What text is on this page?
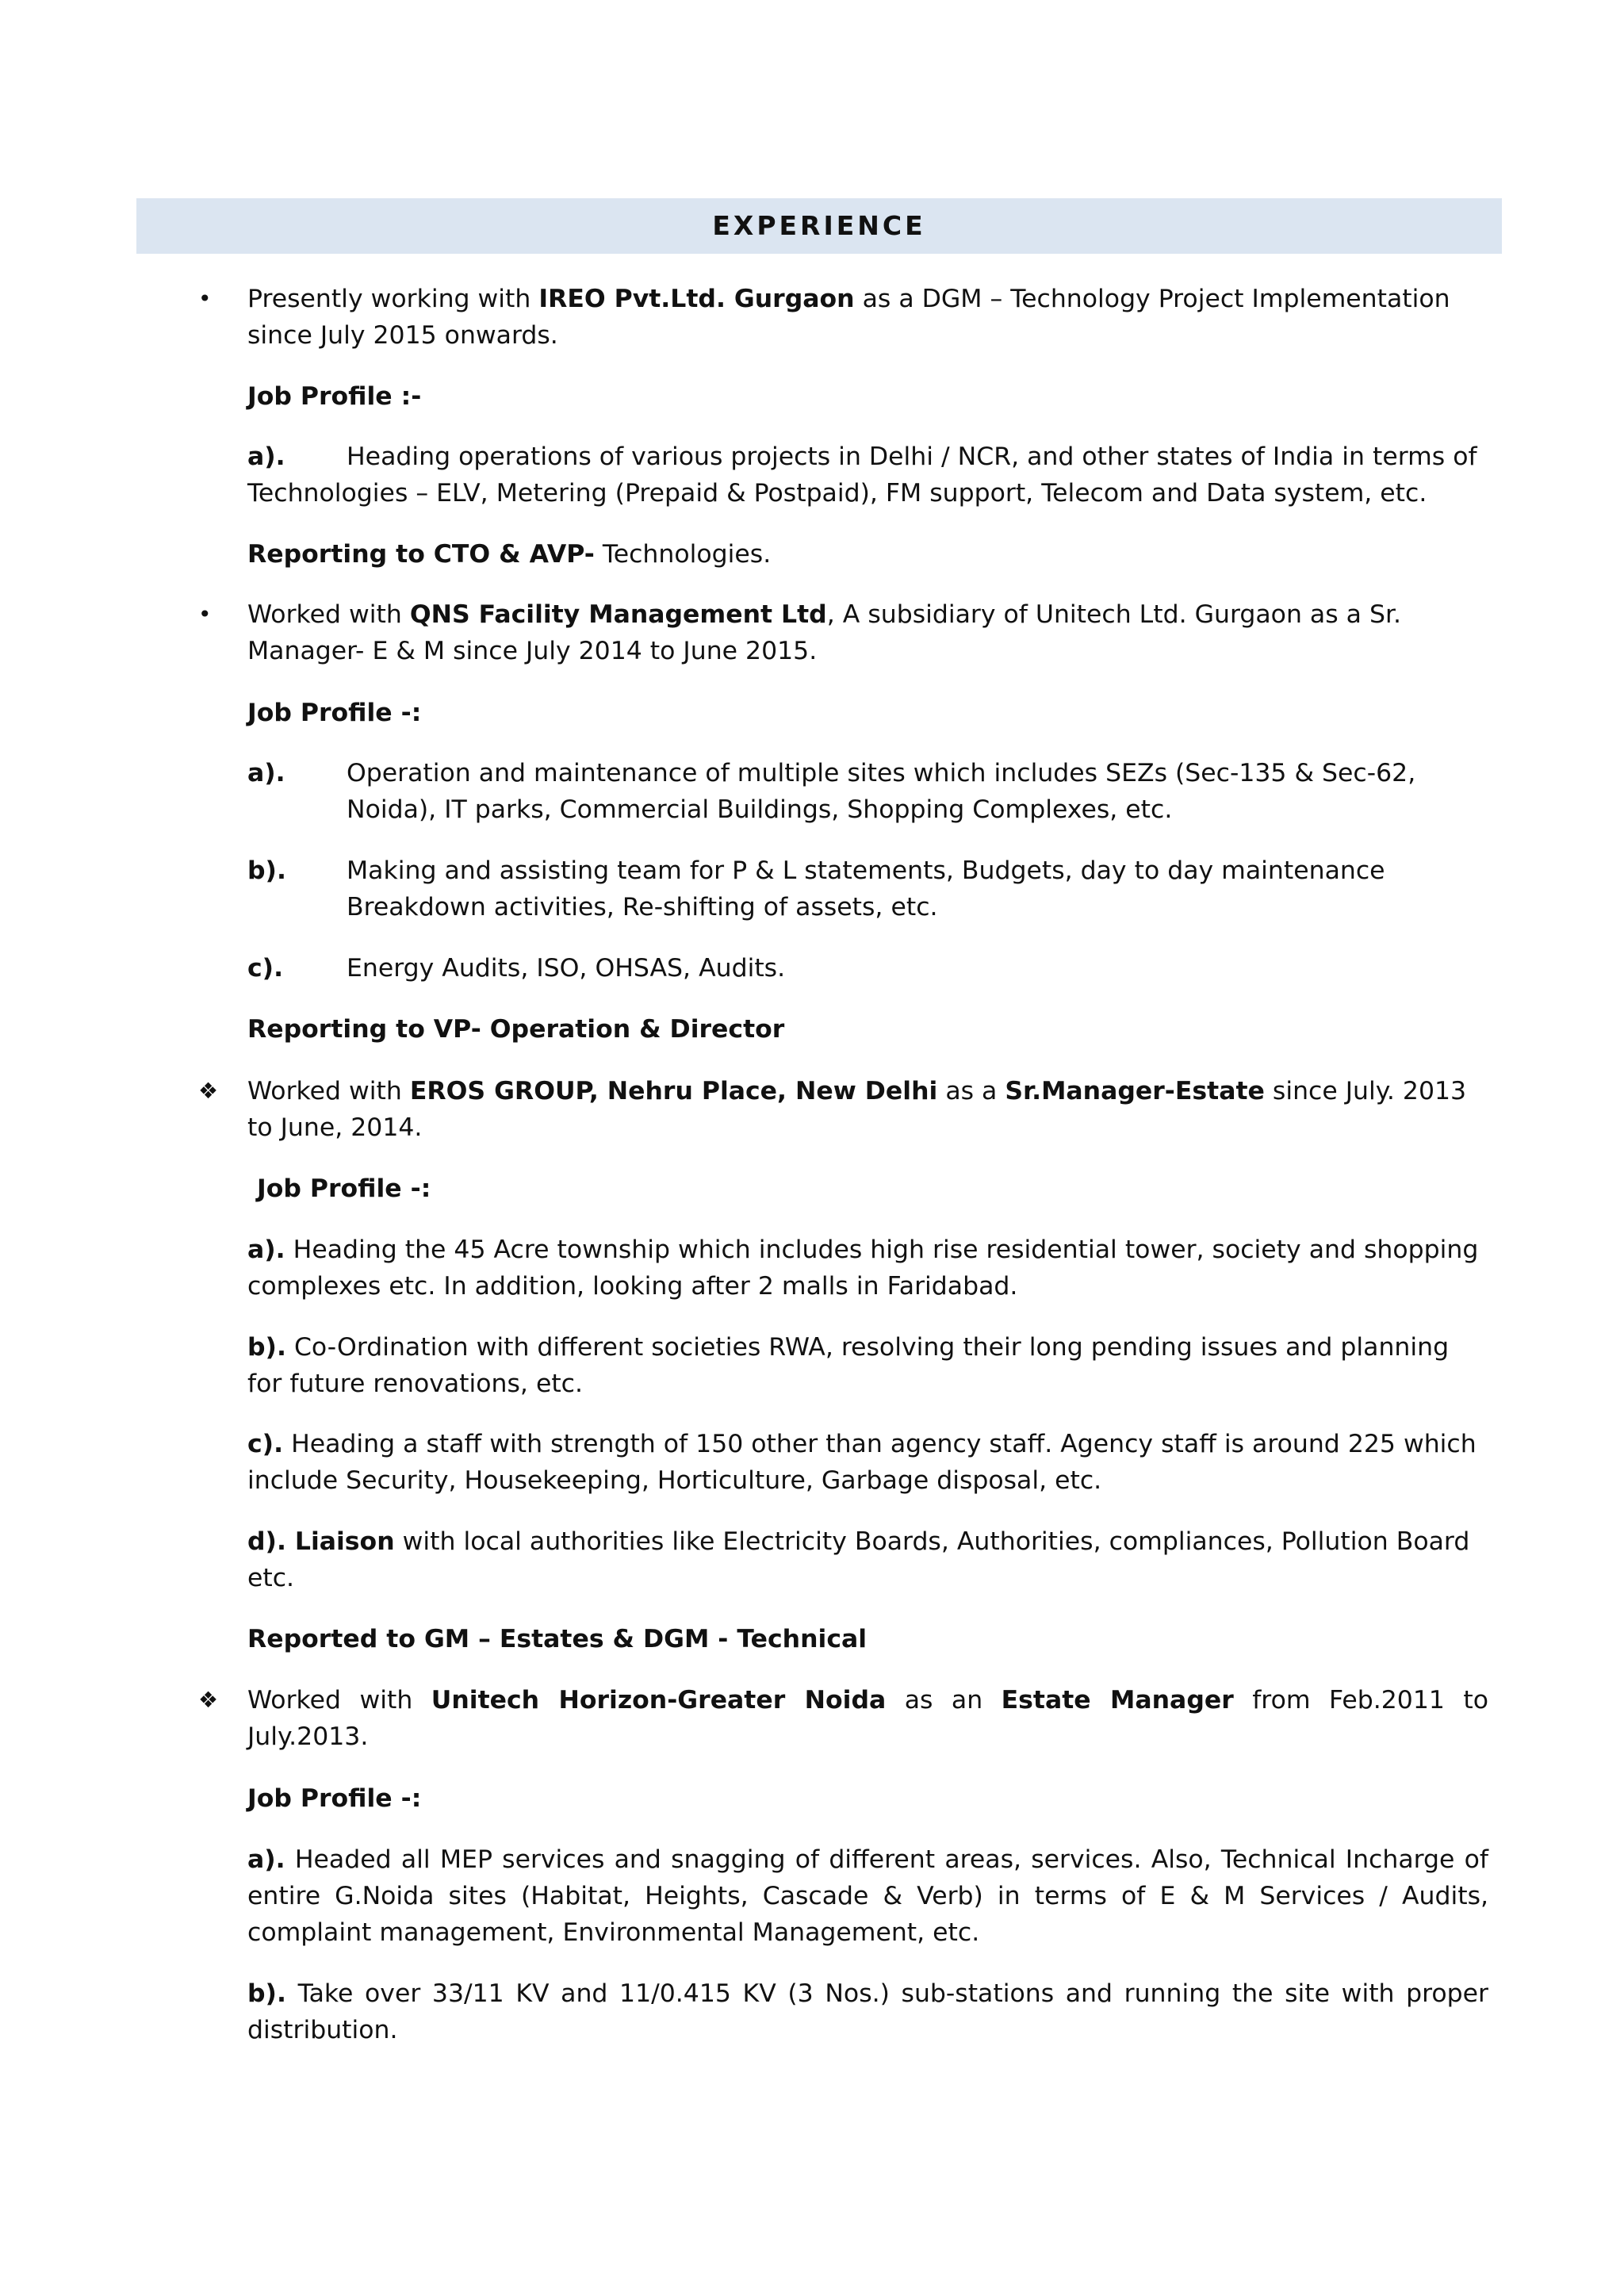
EXPERIENCE
• Presently working with IREO Pvt.Ltd. Gurgaon as a DGM – Technology Project Implementation
since July 2015 onwards.
Job Profile :-
a). Heading operations of various projects in Delhi / NCR, and other states of India in terms of
Technologies – ELV, Metering (Prepaid & Postpaid), FM support, Telecom and Data system, etc.
Reporting to CTO & AVP- Technologies.
• Worked with QNS Facility Management Ltd, A subsidiary of Unitech Ltd. Gurgaon as a Sr.
Manager- E & M since July 2014 to June 2015.
Job Profile -:
a). Operation and maintenance of multiple sites which includes SEZs (Sec-135 & Sec-62,
Noida), IT parks, Commercial Buildings, Shopping Complexes, etc.
b). Making and assisting team for P & L statements, Budgets, day to day maintenance
Breakdown activities, Re-shifting of assets, etc.
c).	Energy Audits, ISO, OHSAS, Audits.
Reporting to VP- Operation & Director
❖ Worked with EROS GROUP, Nehru Place, New Delhi as a Sr.Manager-Estate since July. 2013
to June, 2014.
Job Profile -:
a). Heading the 45 Acre township which includes high rise residential tower, society and shopping
complexes etc. In addition, looking after 2 malls in Faridabad.
b). Co-Ordination with different societies RWA, resolving their long pending issues and planning
for future renovations, etc.
c). Heading a staff with strength of 150 other than agency staff. Agency staff is around 225 which
include Security, Housekeeping, Horticulture, Garbage disposal, etc.
d). Liaison with local authorities like Electricity Boards, Authorities, compliances, Pollution Board
etc.
Reported to GM – Estates & DGM - Technical
❖ Worked with Unitech Horizon-Greater Noida as an Estate Manager from Feb.2011 to
July.2013.
Job Profile -:
a). Headed all MEP services and snagging of different areas, services. Also, Technical Incharge of
entire G.Noida sites (Habitat, Heights, Cascade & Verb) in terms of E & M Services / Audits,
complaint management, Environmental Management, etc.
b). Take over 33/11 KV and 11/0.415 KV (3 Nos.) sub-stations and running the site with proper
distribution.
